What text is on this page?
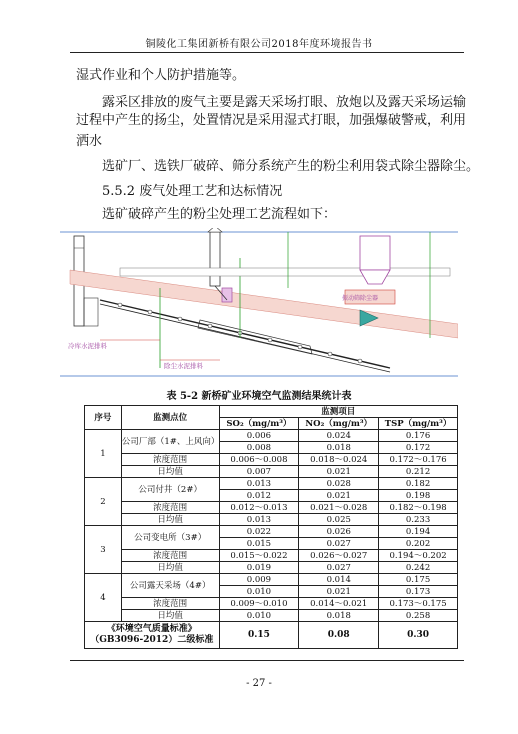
铜陵化工集团新桥有限公司2018年度环境报告书
湿式作业和个人防护措施等。
露采区排放的废气主要是露天采场打眼、放炮以及露天采场运输
过程中产生的扬尘，处置情况是采用湿式打眼，加强爆破警戒，利用
洒水
选矿厂、选铁厂破碎、筛分系统产生的粉尘利用袋式除尘器除尘。
5.5.2 废气处理工艺和达标情况
选矿破碎产生的粉尘处理工艺流程如下：
冷库水泥排料
除尘水泥排料
振动筛除尘器
表 5-2 新桥矿业环境空气监测结果统计表
序号	监测点位	监测项目		
		SO₂（mg/m³）	NO₂（mg/m³）	TSP（mg/m³）
1	公司厂部（1#、上风向）	0.006	0.024	0.176
		0.008	0.018	0.172
	浓度范围	0.006～0.008	0.018～0.024	0.172～0.176
	日均值	0.007	0.021	0.212
2	公司付井（2#）	0.013	0.028	0.182
		0.012	0.021	0.198
	浓度范围	0.012～0.013	0.021～0.028	0.182～0.198
	日均值	0.013	0.025	0.233
3	公司变电所（3#）	0.022	0.026	0.194
		0.015	0.027	0.202
	浓度范围	0.015～0.022	0.026～0.027	0.194～0.202
	日均值	0.019	0.027	0.242
4	公司露天采场（4#）	0.009	0.014	0.175
		0.010	0.021	0.173
	浓度范围	0.009～0.010	0.014～0.021	0.173～0.175
	日均值	0.010	0.018	0.258
《环境空气质量标准》（GB3096-2012）二级标准		0.15	0.08	0.30
- 27 -
